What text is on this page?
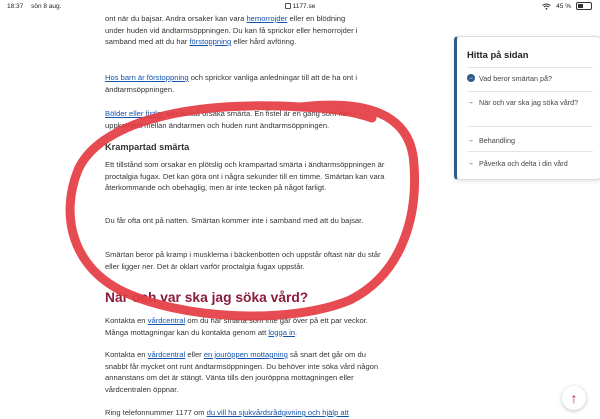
18:37 sön 8 aug.	1177.se	45 %

ont när du bajsar. Andra orsaker kan vara hemorrojder eller en blödning
under huden vid ändtarmsöppningen. Du kan få sprickor eller hemorrojder i
samband med att du har förstoppning eller hård avföring.

Hos barn är förstoppning och sprickor vanliga anledningar till att de ha ont i ändtarmsöppningen.

Bölder eller fistlar kan också orsaka smärta. En fistel är en gång som har uppkommit mellan ändtarmen och huden runt ändtarmsöppningen.

Krampartad smärta

Ett tillstånd som orsakar en plötslig och krampartad smärta i ändtarmsöppningen är proctalgia fugax. Det kan göra ont i några sekunder till en timme. Smärtan kan vara återkommande och obehaglig, men är inte tecken på något farligt.

Du får ofta ont på natten. Smärtan kommer inte i samband med att du bajsar.

Smärtan beror på kramp i musklerna i bäckenbotten och uppstår oftast när du står eller ligger ner. Det är oklart varför proctalgia fugax uppstår.

När och var ska jag söka vård?

Kontakta en vårdcentral om du har smärta som inte går över på ett par veckor. Många mottagningar kan du kontakta genom att logga in.

Kontakta en vårdcentral eller en jouröppen mottagning så snart det går om du snabbt får mycket ont runt ändtarmsöppningen. Du behöver inte söka vård någon annanstans om det är stängt. Vänta tills den jouröppna mottagningen eller vårdcentralen öppnar.

Ring telefonnummer 1177 om du vill ha sjukvårdsrådgivning och hjälp att

Hitta på sidan
→ Vad beror smärtan på?
→ När och var ska jag söka vård?
→ Behandling
→ Påverka och delta i din vård
↑
